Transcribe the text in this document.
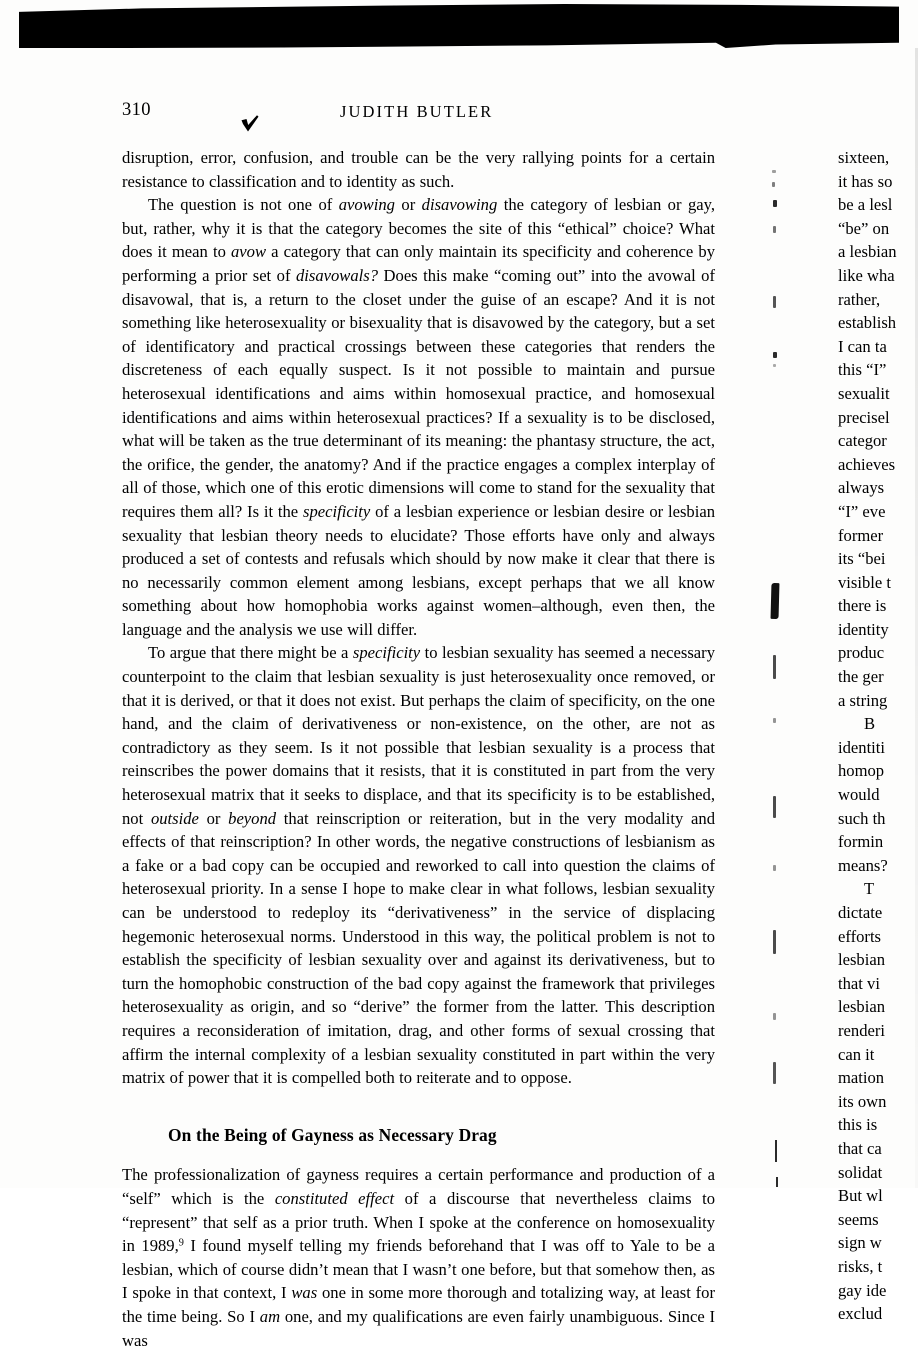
310	JUDITH BUTLER

disruption, error, confusion, and trouble can be the very rallying points for a certain resistance to classification and to identity as such.

The question is not one of avowing or disavowing the category of lesbian or gay, but, rather, why it is that the category becomes the site of this “ethical” choice? What does it mean to avow a category that can only maintain its specificity and coherence by performing a prior set of disavowals? Does this make “coming out” into the avowal of disavowal, that is, a return to the closet under the guise of an escape? And it is not something like heterosexuality or bisexuality that is disavowed by the category, but a set of identificatory and practical crossings between these categories that renders the discreteness of each equally suspect. Is it not possible to maintain and pursue heterosexual identifications and aims within homosexual practice, and homosexual identifications and aims within heterosexual practices? If a sexuality is to be disclosed, what will be taken as the true determinant of its meaning: the phantasy structure, the act, the orifice, the gender, the anatomy? And if the practice engages a complex interplay of all of those, which one of this erotic dimensions will come to stand for the sexuality that requires them all? Is it the specificity of a lesbian experience or lesbian desire or lesbian sexuality that lesbian theory needs to elucidate? Those efforts have only and always produced a set of contests and refusals which should by now make it clear that there is no necessarily common element among lesbians, except perhaps that we all know something about how homophobia works against women–although, even then, the language and the analysis we use will differ.

To argue that there might be a specificity to lesbian sexuality has seemed a necessary counterpoint to the claim that lesbian sexuality is just heterosexuality once removed, or that it is derived, or that it does not exist. But perhaps the claim of specificity, on the one hand, and the claim of derivativeness or non-existence, on the other, are not as contradictory as they seem. Is it not possible that lesbian sexuality is a process that reinscribes the power domains that it resists, that it is constituted in part from the very heterosexual matrix that it seeks to displace, and that its specificity is to be established, not outside or beyond that reinscription or reiteration, but in the very modality and effects of that reinscription? In other words, the negative constructions of lesbianism as a fake or a bad copy can be occupied and reworked to call into question the claims of heterosexual priority. In a sense I hope to make clear in what follows, lesbian sexuality can be understood to redeploy its “derivativeness” in the service of displacing hegemonic heterosexual norms. Understood in this way, the political problem is not to establish the specificity of lesbian sexuality over and against its derivativeness, but to turn the homophobic construction of the bad copy against the framework that privileges heterosexuality as origin, and so “derive” the former from the latter. This description requires a reconsideration of imitation, drag, and other forms of sexual crossing that affirm the internal complexity of a lesbian sexuality constituted in part within the very matrix of power that it is compelled both to reiterate and to oppose.

On the Being of Gayness as Necessary Drag

The professionalization of gayness requires a certain performance and production of a “self” which is the constituted effect of a discourse that nevertheless claims to “represent” that self as a prior truth. When I spoke at the conference on homosexuality in 1989,$^9$ I found myself telling my friends beforehand that I was off to Yale to be a lesbian, which of course didn’t mean that I wasn’t one before, but that somehow then, as I spoke in that context, I was one in some more thorough and totalizing way, at least for the time being. So I am one, and my qualifications are even fairly unambiguous. Since I was

sixteen,
it has so
be a lesl
“be” on
a lesbian
like wha
rather,
establish
I can ta
this “I”
sexualit
precisel
categor
achieves
always
“I” eve
former
its “bei
visible t
there is
identity
produc
the ger
a string
B
identiti
homop
would
such th
formin
means?
T
dictate
efforts
lesbian
that vi
lesbian
renderi
can it
mation
its own
this is
that ca
solidat
But wl
seems
sign w
risks, t
gay ide
exclud
